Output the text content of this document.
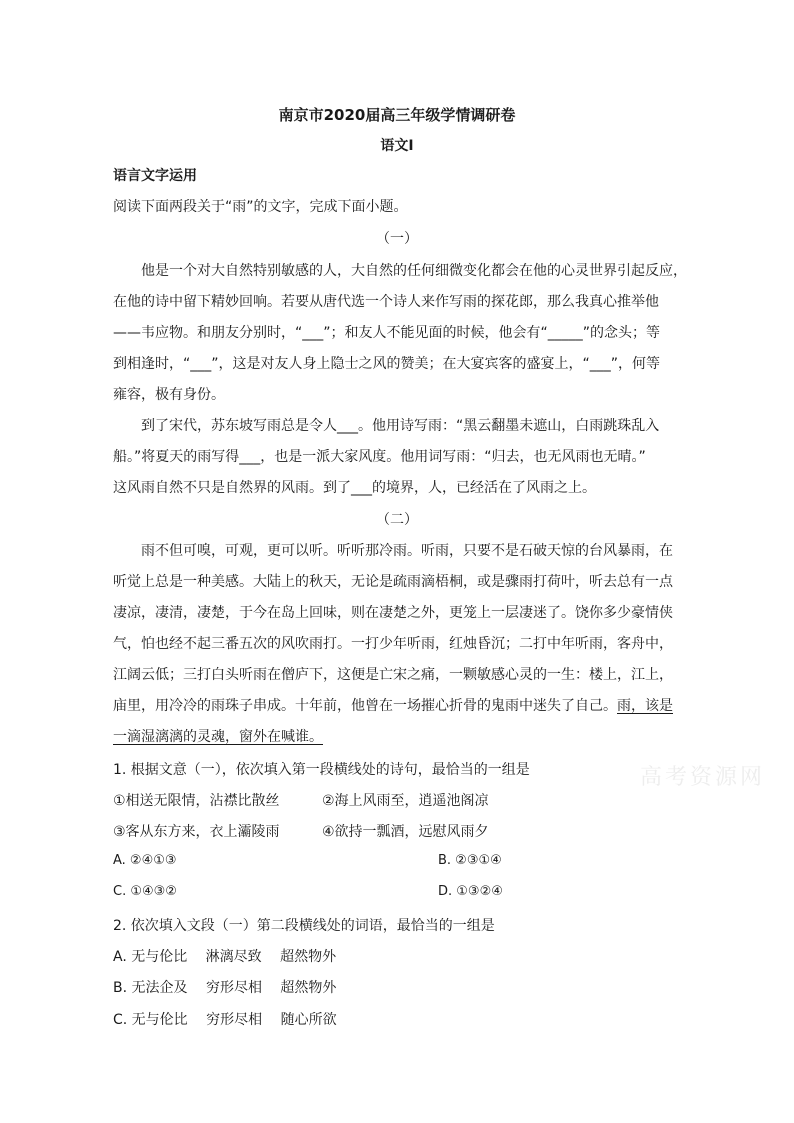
南京市2020届高三年级学情调研卷
语文Ⅰ
语言文字运用
阅读下面两段关于“雨”的文字，完成下面小题。
（一）
他是一个对大自然特别敏感的人，大自然的任何细微变化都会在他的心灵世界引起反应，
在他的诗中留下精妙回响。若要从唐代选一个诗人来作写雨的探花郎，那么我真心推举他
——韦应物。和朋友分别时，“___”；和友人不能见面的时候，他会有“_____”的念头；等
到相逢时，“___”，这是对友人身上隐士之风的赞美；在大宴宾客的盛宴上，“___”，何等
雍容，极有身份。
到了宋代，苏东坡写雨总是令人___。他用诗写雨：“黑云翻墨未遮山，白雨跳珠乱入
船。”将夏天的雨写得___，也是一派大家风度。他用词写雨：“归去，也无风雨也无晴。”
这风雨自然不只是自然界的风雨。到了___的境界，人，已经活在了风雨之上。
（二）
雨不但可嗅，可观，更可以听。听听那冷雨。听雨，只要不是石破天惊的台风暴雨，在
听觉上总是一种美感。大陆上的秋天，无论是疏雨滴梧桐，或是骤雨打荷叶，听去总有一点
凄凉，凄清，凄楚，于今在岛上回味，则在凄楚之外，更笼上一层凄迷了。饶你多少豪情侠
气，怕也经不起三番五次的风吹雨打。一打少年听雨，红烛昏沉；二打中年听雨，客舟中，
江阔云低；三打白头听雨在僧庐下，这便是亡宋之痛，一颗敏感心灵的一生：楼上，江上，
庙里，用冷冷的雨珠子串成。十年前，他曾在一场摧心折骨的鬼雨中迷失了自己。雨，该是
一滴湿漓漓的灵魂，窗外在喊谁。
高考资源网
1. 根据文意（一），依次填入第一段横线处的诗句，最恰当的一组是
①相送无限情，沾襟比散丝	②海上风雨至，逍遥池阁凉
③客从东方来，衣上灞陵雨	④欲持一瓢酒，远慰风雨夕
A. ②④①③	B. ②③①④
C. ①④③②	D. ①③②④
2. 依次填入文段（一）第二段横线处的词语，最恰当的一组是
A. 无与伦比　 淋漓尽致　 超然物外
B. 无法企及　 穷形尽相　 超然物外
C. 无与伦比　 穷形尽相　 随心所欲
